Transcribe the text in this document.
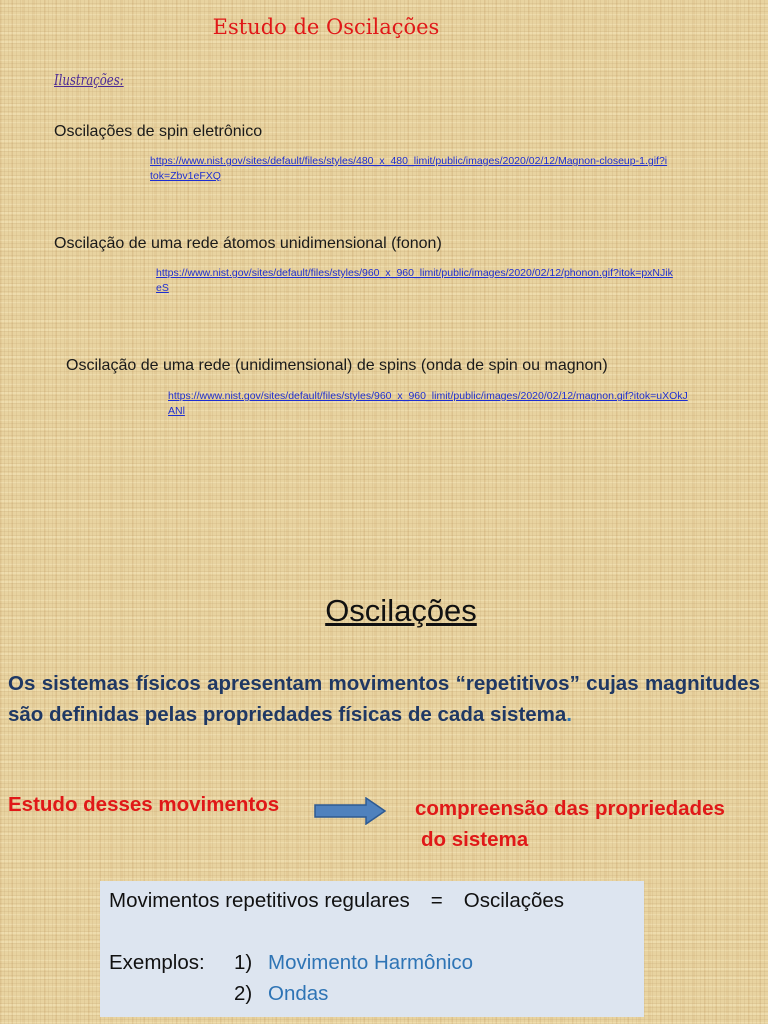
Estudo de Oscilações
Ilustrações:
Oscilações de spin eletrônico
https://www.nist.gov/sites/default/files/styles/480_x_480_limit/public/images/2020/02/12/Magnon-closeup-1.gif?itok=Zbv1eFXQ
Oscilação de uma rede átomos unidimensional (fonon)
https://www.nist.gov/sites/default/files/styles/960_x_960_limit/public/images/2020/02/12/phonon.gif?itok=pxNJikeS
Oscilação de uma rede (unidimensional) de spins (onda de spin ou magnon)
https://www.nist.gov/sites/default/files/styles/960_x_960_limit/public/images/2020/02/12/magnon.gif?itok=uXOkJANl
Oscilações
Os sistemas físicos apresentam movimentos “repetitivos” cujas magnitudes são definidas pelas propriedades físicas de cada sistema.
Estudo desses movimentos	compreensão das propriedades
do sistema
Movimentos repetitivos regulares = Oscilações
Exemplos: 1) Movimento Harmônico
2) Ondas
